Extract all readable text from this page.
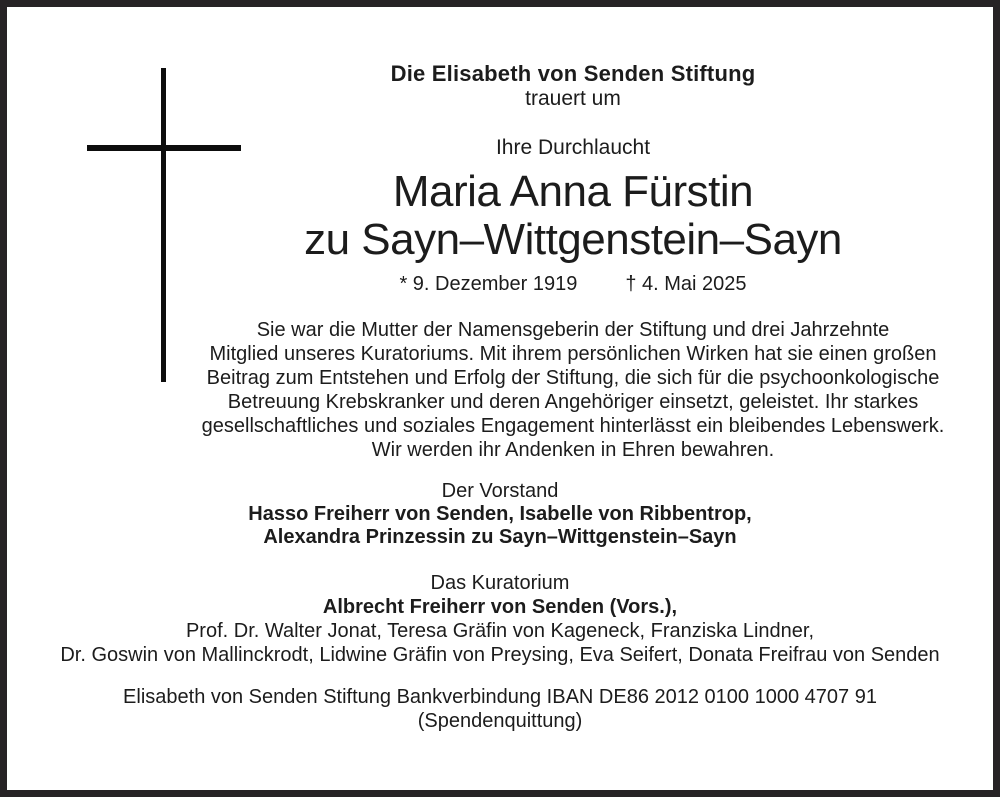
Die Elisabeth von Senden Stiftung
trauert um
Ihre Durchlaucht
Maria Anna Fürstin
zu Sayn–Wittgenstein–Sayn
* 9. Dezember 1919 † 4. Mai 2025
Sie war die Mutter der Namensgeberin der Stiftung und drei Jahrzehnte
Mitglied unseres Kuratoriums. Mit ihrem persönlichen Wirken hat sie einen großen
Beitrag zum Entstehen und Erfolg der Stiftung, die sich für die psychoonkologische
Betreuung Krebskranker und deren Angehöriger einsetzt, geleistet. Ihr starkes
gesellschaftliches und soziales Engagement hinterlässt ein bleibendes Lebenswerk.
Wir werden ihr Andenken in Ehren bewahren.
Der Vorstand
Hasso Freiherr von Senden, Isabelle von Ribbentrop,
Alexandra Prinzessin zu Sayn–Wittgenstein–Sayn
Das Kuratorium
Albrecht Freiherr von Senden (Vors.),
Prof. Dr. Walter Jonat, Teresa Gräfin von Kageneck, Franziska Lindner,
Dr. Goswin von Mallinckrodt, Lidwine Gräfin von Preysing, Eva Seifert, Donata Freifrau von Senden
Elisabeth von Senden Stiftung Bankverbindung IBAN DE86 2012 0100 1000 4707 91
(Spendenquittung)
